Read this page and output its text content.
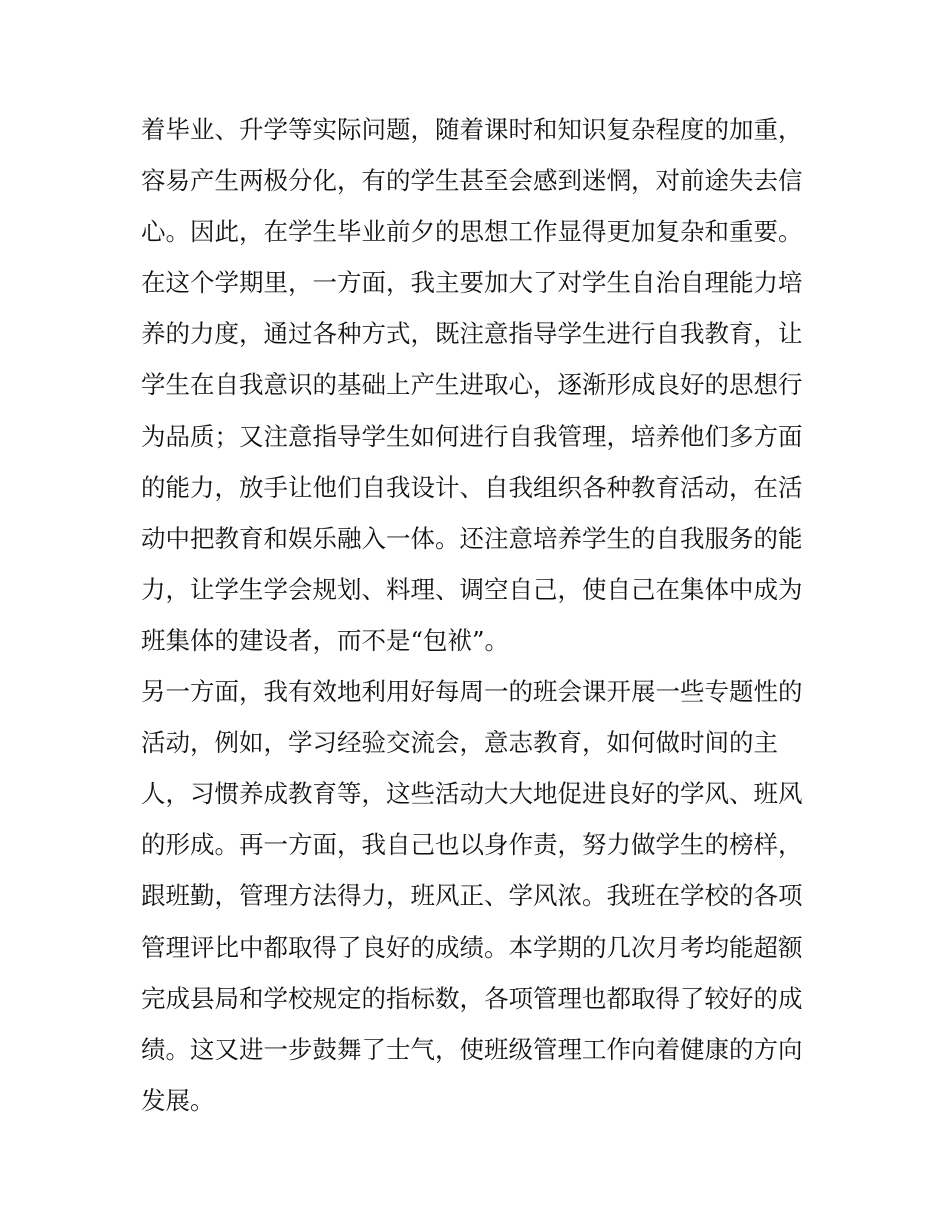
着毕业、升学等实际问题，随着课时和知识复杂程度的加重，
容易产生两极分化，有的学生甚至会感到迷惘，对前途失去信
心。因此，在学生毕业前夕的思想工作显得更加复杂和重要。
在这个学期里，一方面，我主要加大了对学生自治自理能力培
养的力度，通过各种方式，既注意指导学生进行自我教育，让
学生在自我意识的基础上产生进取心，逐渐形成良好的思想行
为品质；又注意指导学生如何进行自我管理，培养他们多方面
的能力，放手让他们自我设计、自我组织各种教育活动，在活
动中把教育和娱乐融入一体。还注意培养学生的自我服务的能
力，让学生学会规划、料理、调空自己，使自己在集体中成为
班集体的建设者，而不是“包袱”。
另一方面，我有效地利用好每周一的班会课开展一些专题性的
活动，例如，学习经验交流会，意志教育，如何做时间的主
人，习惯养成教育等，这些活动大大地促进良好的学风、班风
的形成。再一方面，我自己也以身作责，努力做学生的榜样，
跟班勤，管理方法得力，班风正、学风浓。我班在学校的各项
管理评比中都取得了良好的成绩。本学期的几次月考均能超额
完成县局和学校规定的指标数，各项管理也都取得了较好的成
绩。这又进一步鼓舞了士气，使班级管理工作向着健康的方向
发展。
